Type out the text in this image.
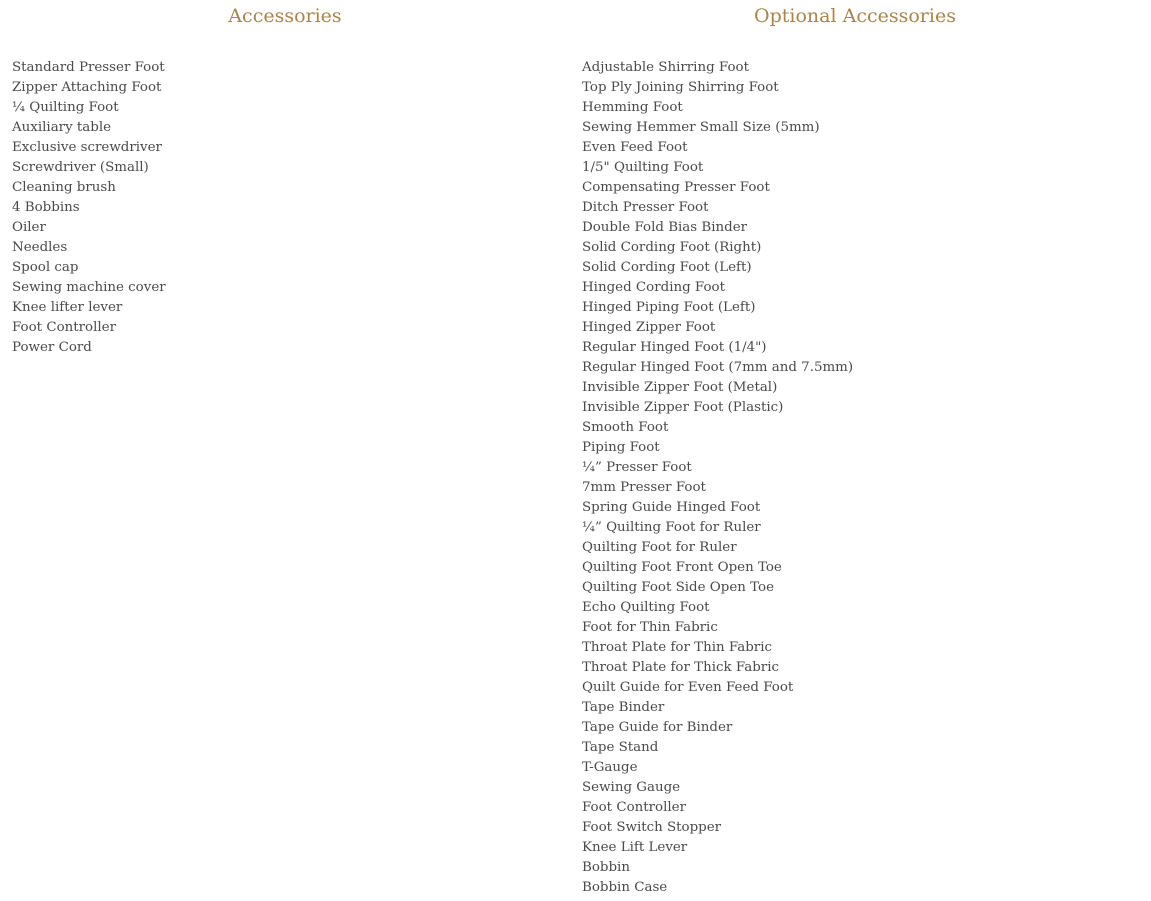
Accessories
Standard Presser Foot
Zipper Attaching Foot
¼ Quilting Foot
Auxiliary table
Exclusive screwdriver
Screwdriver (Small)
Cleaning brush
4 Bobbins
Oiler
Needles
Spool cap
Sewing machine cover
Knee lifter lever
Foot Controller
Power Cord
Optional Accessories
Adjustable Shirring Foot
Top Ply Joining Shirring Foot
Hemming Foot
Sewing Hemmer Small Size (5mm)
Even Feed Foot
1/5" Quilting Foot
Compensating Presser Foot
Ditch Presser Foot
Double Fold Bias Binder
Solid Cording Foot (Right)
Solid Cording Foot (Left)
Hinged Cording Foot
Hinged Piping Foot (Left)
Hinged Zipper Foot
Regular Hinged Foot (1/4")
Regular Hinged Foot (7mm and 7.5mm)
Invisible Zipper Foot (Metal)
Invisible Zipper Foot (Plastic)
Smooth Foot
Piping Foot
¼” Presser Foot
7mm Presser Foot
Spring Guide Hinged Foot
¼” Quilting Foot for Ruler
Quilting Foot for Ruler
Quilting Foot Front Open Toe
Quilting Foot Side Open Toe
Echo Quilting Foot
Foot for Thin Fabric
Throat Plate for Thin Fabric
Throat Plate for Thick Fabric
Quilt Guide for Even Feed Foot
Tape Binder
Tape Guide for Binder
Tape Stand
T-Gauge
Sewing Gauge
Foot Controller
Foot Switch Stopper
Knee Lift Lever
Bobbin
Bobbin Case
